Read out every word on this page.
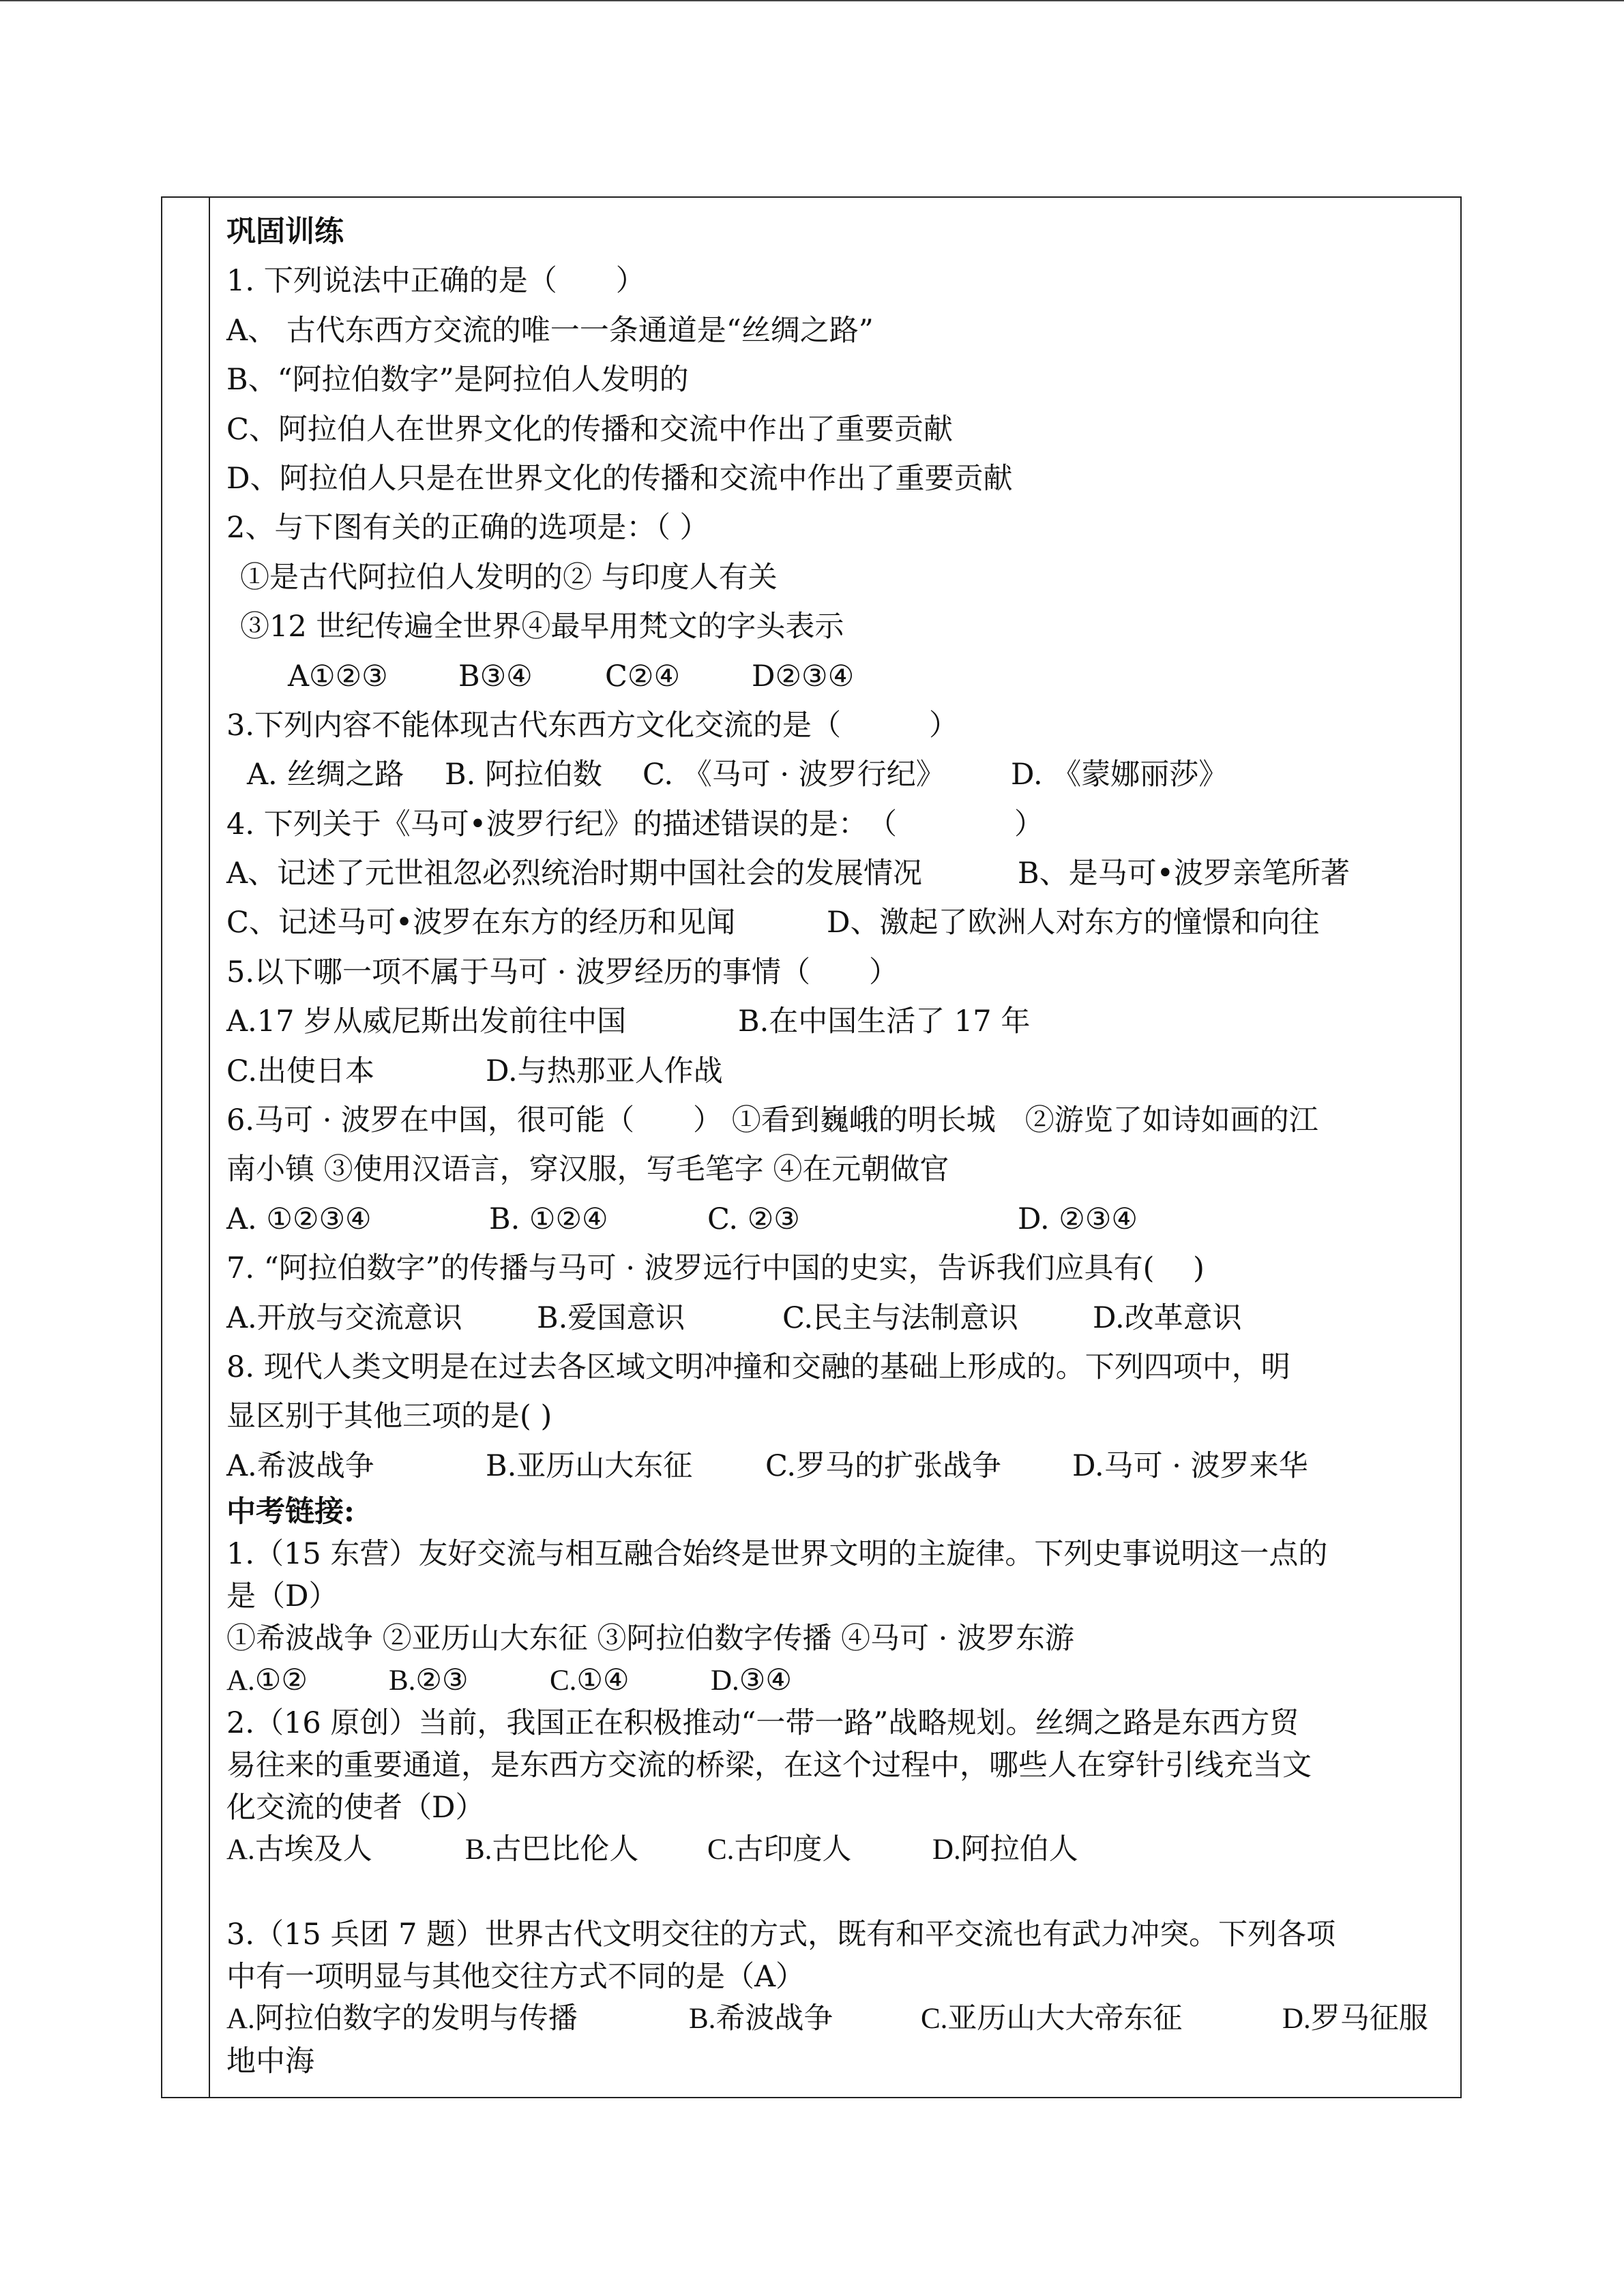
巩固训练
1. 下列说法中正确的是（　　）
A、 古代东西方交流的唯一一条通道是“丝绸之路”
B、“阿拉伯数字”是阿拉伯人发明的
C、阿拉伯人在世界文化的传播和交流中作出了重要贡献
D、阿拉伯人只是在世界文化的传播和交流中作出了重要贡献
2、与下图有关的正确的选项是：（ ）
①是古代阿拉伯人发明的② 与印度人有关
③12 世纪传遍全世界④最早用梵文的字头表示
A①②③ B③④ C②④ D②③④
3.下列内容不能体现古代东西方文化交流的是（　　　）
A. 丝绸之路 B. 阿拉伯数 C. 《马可 · 波罗行纪》 D. 《蒙娜丽莎》
4. 下列关于《马可•波罗行纪》的描述错误的是：　（　　　　）
A、记述了元世祖忽必烈统治时期中国社会的发展情况	B、是马可•波罗亲笔所著
C、记述马可•波罗在东方的经历和见闻	D、激起了欧洲人对东方的憧憬和向往
5.以下哪一项不属于马可 · 波罗经历的事情（　　）
A.17 岁从威尼斯出发前往中国	B.在中国生活了 17 年
C.出使日本	D.与热那亚人作战
6.马可 · 波罗在中国，很可能（　　） ①看到巍峨的明长城　②游览了如诗如画的江
南小镇 ③使用汉语言，穿汉服，写毛笔字 ④在元朝做官
A. ①②③④	B. ①②④	C. ②③	D. ②③④
7. “阿拉伯数字”的传播与马可 · 波罗远行中国的史实，告诉我们应具有(　 )
A.开放与交流意识	B.爱国意识	C.民主与法制意识	D.改革意识
8. 现代人类文明是在过去各区域文明冲撞和交融的基础上形成的。下列四项中，明
显区别于其他三项的是( )
A.希波战争	B.亚历山大东征 C.罗马的扩张战争 D.马可 · 波罗来华
中考链接:
1.（15 东营）友好交流与相互融合始终是世界文明的主旋律。下列史事说明这一点的
是（D）
①希波战争 ②亚历山大东征 ③阿拉伯数字传播 ④马可 · 波罗东游
A.①②	B.②③	C.①④	D.③④
2.（16 原创）当前，我国正在积极推动“一带一路”战略规划。丝绸之路是东西方贸
易往来的重要通道，是东西方交流的桥梁，在这个过程中，哪些人在穿针引线充当文
化交流的使者（D）
A.古埃及人	B.古巴比伦人 C.古印度人	D.阿拉伯人
3.（15 兵团 7 题）世界古代文明交往的方式，既有和平交流也有武力冲突。下列各项
中有一项明显与其他交往方式不同的是（A）
A.阿拉伯数字的发明与传播	B.希波战争	C.亚历山大大帝东征	D.罗马征服
地中海
